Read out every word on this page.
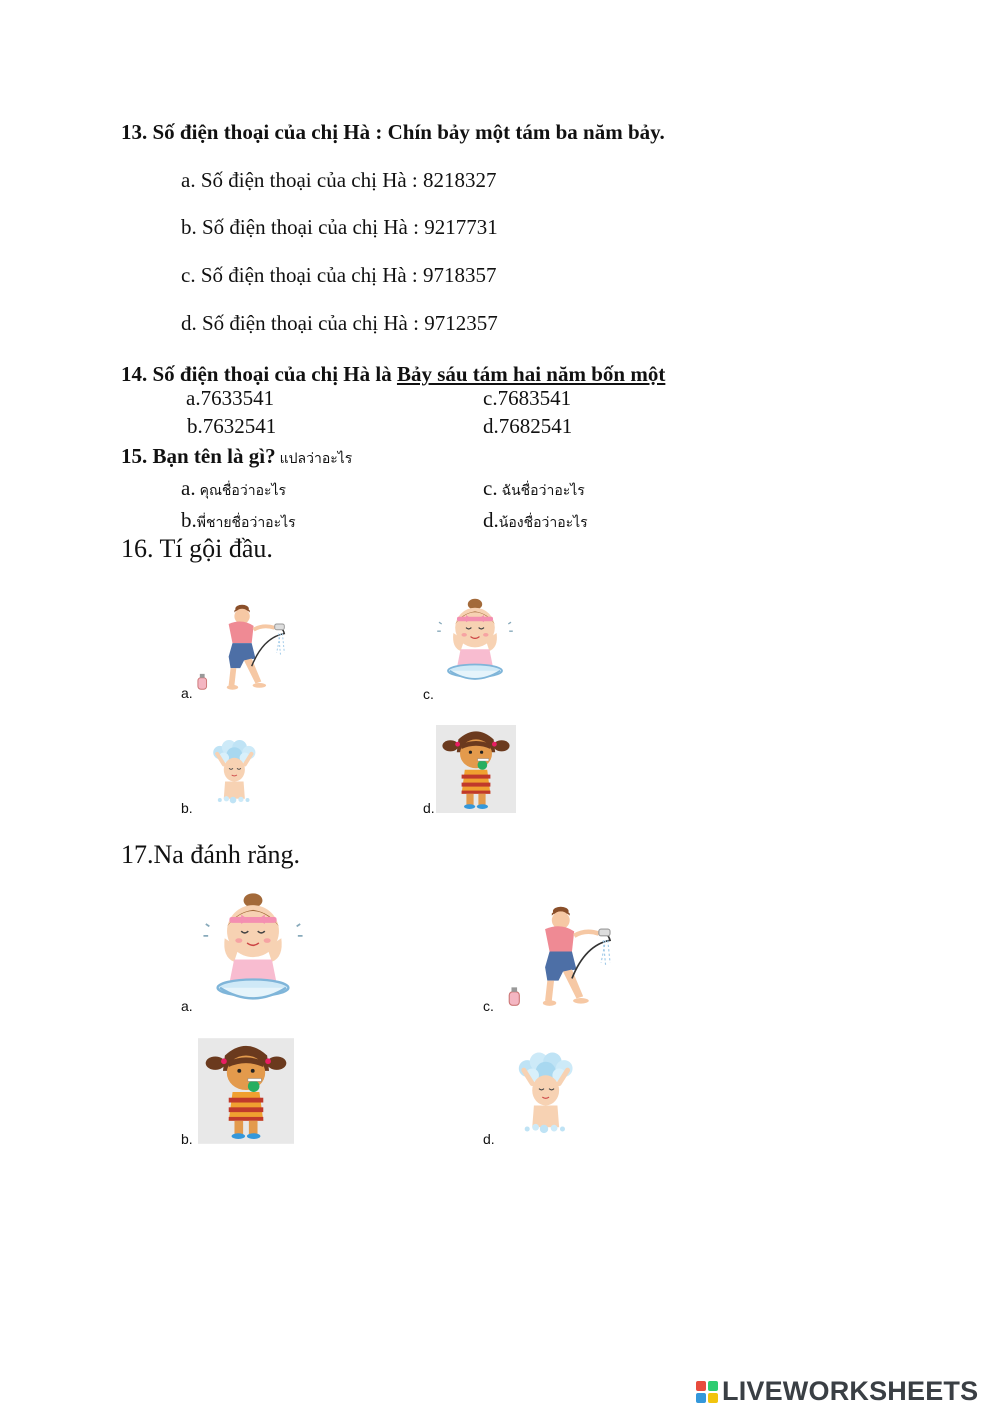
13. Số điện thoại của chị Hà : Chín bảy một tám ba năm bảy.
a. Số điện thoại của chị Hà : 8218327
b. Số điện thoại của chị Hà : 9217731
c. Số điện thoại của chị Hà : 9718357
d. Số điện thoại của chị Hà : 9712357
14. Số điện thoại của chị Hà là Bảy sáu tám hai năm bốn một
a.7633541	c.7683541
b.7632541	d.7682541
15. Bạn tên là gì? แปลว่าอะไร
a. คุณชื่อว่าอะไร	c. ฉันชื่อว่าอะไร
b.พี่ชายชื่อว่าอะไร	d.น้องชื่อว่าอะไร
16. Tí gội đầu.
a.	c.
b.	d.
17.Na đánh răng.
a.	c.
b.	d.
LIVEWORKSHEETS
